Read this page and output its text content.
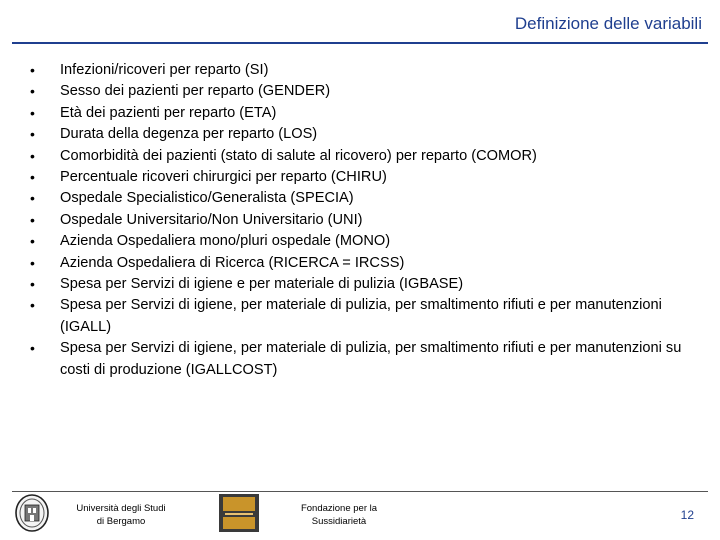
Definizione delle variabili
• Infezioni/ricoveri per reparto (SI)
• Sesso dei pazienti per reparto (GENDER)
• Età dei pazienti per reparto (ETA)
• Durata della degenza per reparto (LOS)
• Comorbidità dei pazienti (stato di salute al ricovero) per reparto (COMOR)
• Percentuale ricoveri chirurgici per reparto (CHIRU)
• Ospedale Specialistico/Generalista (SPECIA)
• Ospedale Universitario/Non Universitario (UNI)
• Azienda Ospedaliera mono/pluri ospedale (MONO)
• Azienda Ospedaliera di Ricerca (RICERCA = IRCSS)
• Spesa per Servizi di igiene e per materiale di pulizia (IGBASE)
• Spesa per Servizi di igiene, per materiale di pulizia, per smaltimento rifiuti e per manutenzioni (IGALL)
• Spesa per Servizi di igiene, per materiale di pulizia, per smaltimento rifiuti e per manutenzioni su costi di produzione (IGALLCOST)
Università degli Studi
di Bergamo
Fondazione per la
Sussidiarietà	12
